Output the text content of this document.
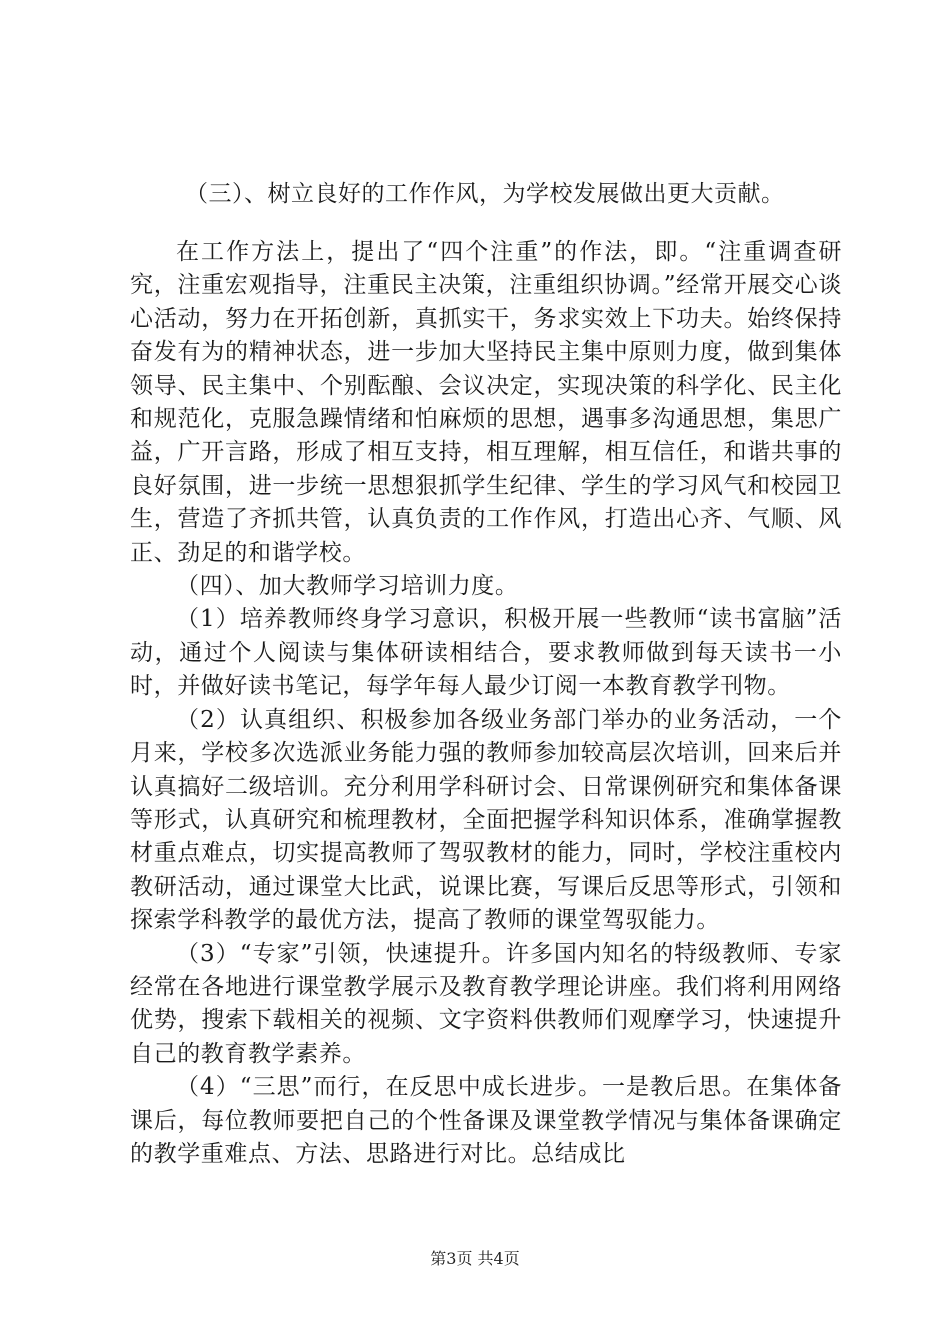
（三）、树立良好的工作作风，为学校发展做出更大贡献。

在工作方法上，提出了“四个注重”的作法，即。“注重调查研究，注重宏观指导，注重民主决策，注重组织协调。”经常开展交心谈心活动，努力在开拓创新，真抓实干，务求实效上下功夫。始终保持奋发有为的精神状态，进一步加大坚持民主集中原则力度，做到集体领导、民主集中、个别酝酿、会议决定，实现决策的科学化、民主化和规范化，克服急躁情绪和怕麻烦的思想，遇事多沟通思想，集思广益，广开言路，形成了相互支持，相互理解，相互信任，和谐共事的良好氛围，进一步统一思想狠抓学生纪律、学生的学习风气和校园卫生，营造了齐抓共管，认真负责的工作作风，打造出心齐、气顺、风正、劲足的和谐学校。

（四）、加大教师学习培训力度。

（1）培养教师终身学习意识，积极开展一些教师“读书富脑”活动，通过个人阅读与集体研读相结合，要求教师做到每天读书一小时，并做好读书笔记，每学年每人最少订阅一本教育教学刊物。

（2）认真组织、积极参加各级业务部门举办的业务活动，一个月来，学校多次选派业务能力强的教师参加较高层次培训，回来后并认真搞好二级培训。充分利用学科研讨会、日常课例研究和集体备课等形式，认真研究和梳理教材，全面把握学科知识体系，准确掌握教材重点难点，切实提高教师了驾驭教材的能力，同时，学校注重校内教研活动，通过课堂大比武，说课比赛，写课后反思等形式，引领和探索学科教学的最优方法，提高了教师的课堂驾驭能力。

（3）“专家”引领，快速提升。许多国内知名的特级教师、专家经常在各地进行课堂教学展示及教育教学理论讲座。我们将利用网络优势，搜索下载相关的视频、文字资料供教师们观摩学习，快速提升自己的教育教学素养。

（4）“三思”而行，在反思中成长进步。一是教后思。在集体备课后，每位教师要把自己的个性备课及课堂教学情况与集体备课确定的教学重难点、方法、思路进行对比。总结成比

第3页 共4页
